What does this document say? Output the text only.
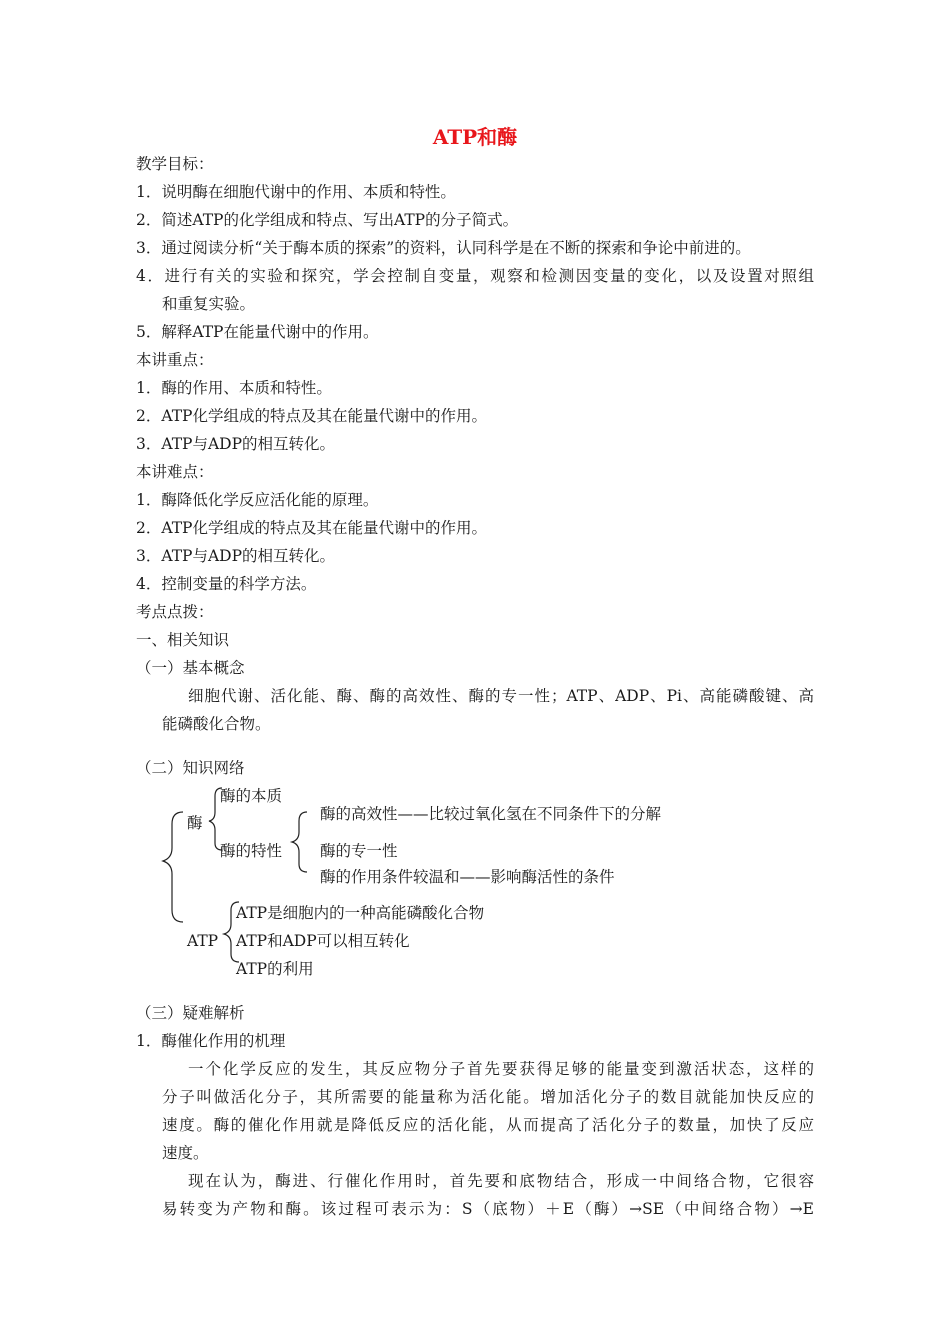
ATP和酶
教学目标：
1．说明酶在细胞代谢中的作用、本质和特性。
2．简述ATP的化学组成和特点、写出ATP的分子简式。
3．通过阅读分析“关于酶本质的探索”的资料，认同科学是在不断的探索和争论中前进的。
4．进行有关的实验和探究，学会控制自变量，观察和检测因变量的变化，以及设置对照组
和重复实验。
5．解释ATP在能量代谢中的作用。
本讲重点：
1．酶的作用、本质和特性。
2．ATP化学组成的特点及其在能量代谢中的作用。
3．ATP与ADP的相互转化。
本讲难点：
1．酶降低化学反应活化能的原理。
2．ATP化学组成的特点及其在能量代谢中的作用。
3．ATP与ADP的相互转化。
4．控制变量的科学方法。
考点点拨：
一、相关知识
（一）基本概念
细胞代谢、活化能、酶、酶的高效性、酶的专一性；ATP、ADP、Pi、高能磷酸键、高
能磷酸化合物。
（二）知识网络
酶的本质
酶	酶的高效性——比较过氧化氢在不同条件下的分解
酶的特性 酶的专一性
酶的作用条件较温和——影响酶活性的条件
ATP是细胞内的一种高能磷酸化合物
ATP ATP和ADP可以相互转化
ATP的利用
（三）疑难解析
1．酶催化作用的机理
一个化学反应的发生，其反应物分子首先要获得足够的能量变到激活状态，这样的
分子叫做活化分子，其所需要的能量称为活化能。增加活化分子的数目就能加快反应的
速度。酶的催化作用就是降低反应的活化能，从而提高了活化分子的数量，加快了反应
速度。
现在认为，酶进、行催化作用时，首先要和底物结合，形成一中间络合物，它很容
易转变为产物和酶。该过程可表示为：S（底物）＋E（酶）→SE（中间络合物）→E
